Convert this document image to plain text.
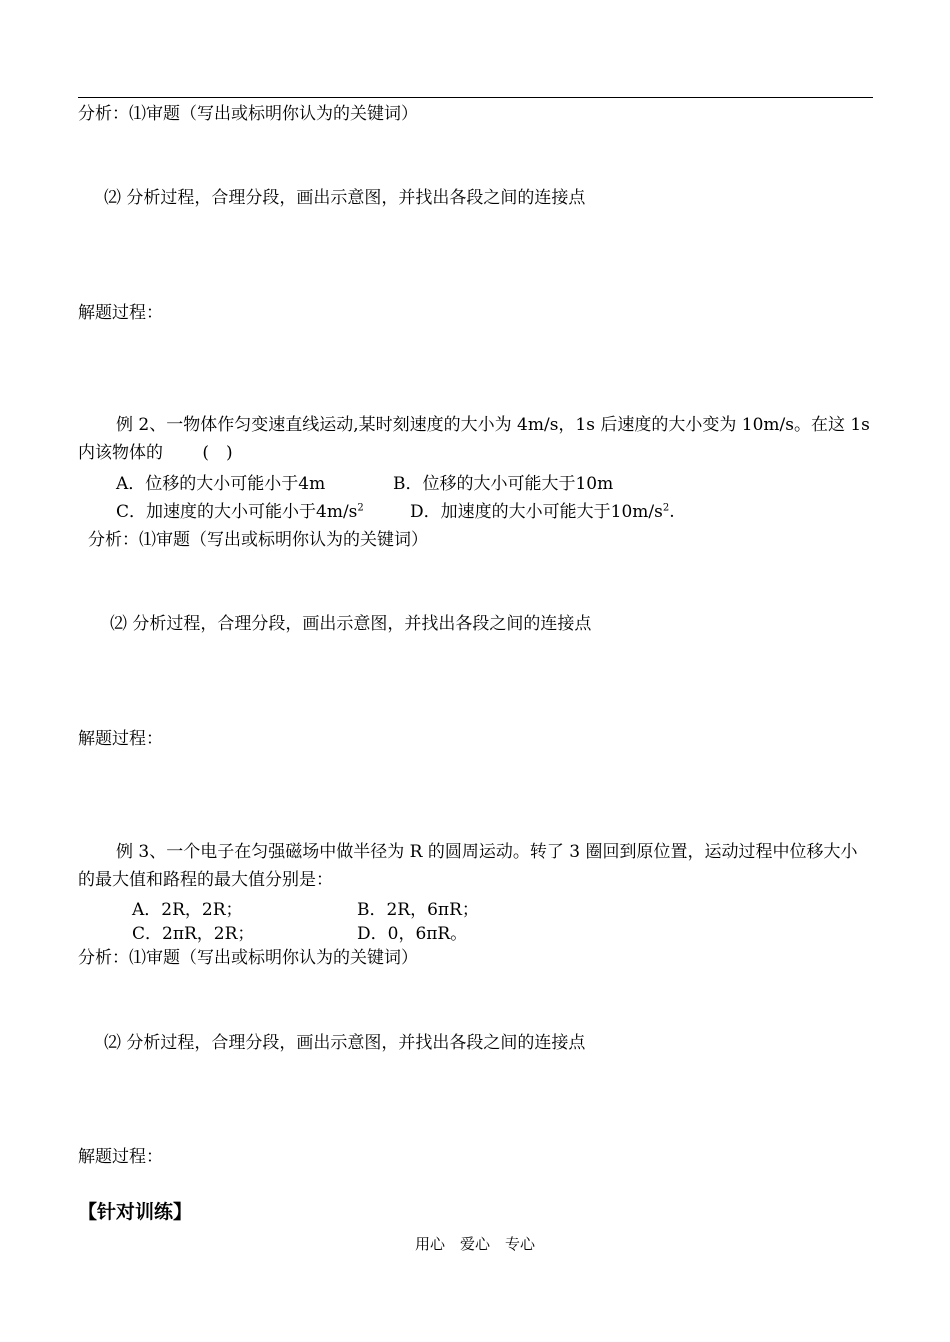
分析：⑴审题（写出或标明你认为的关键词）
⑵ 分析过程，合理分段，画出示意图，并找出各段之间的连接点
解题过程：
例 2、一物体作匀变速直线运动,某时刻速度的大小为 4m/s，1s 后速度的大小变为 10m/s。在这 1s 内该物体的　　 (　)
A．位移的大小可能小于4m	B．位移的大小可能大于10m
C．加速度的大小可能小于$4m/s^2$	D．加速度的大小可能大于$10m/s^2$.
分析：⑴审题（写出或标明你认为的关键词）
⑵ 分析过程，合理分段，画出示意图，并找出各段之间的连接点
解题过程：
例 3、一个电子在匀强磁场中做半径为 R 的圆周运动。转了 3 圈回到原位置，运动过程中位移大小的最大值和路程的最大值分别是：
A．2R，2R；	B．2R，6πR；
C．2πR，2R；	D．0，6πR。
分析：⑴审题（写出或标明你认为的关键词）
⑵ 分析过程，合理分段，画出示意图，并找出各段之间的连接点
解题过程：
【针对训练】
用心　爱心　专心
